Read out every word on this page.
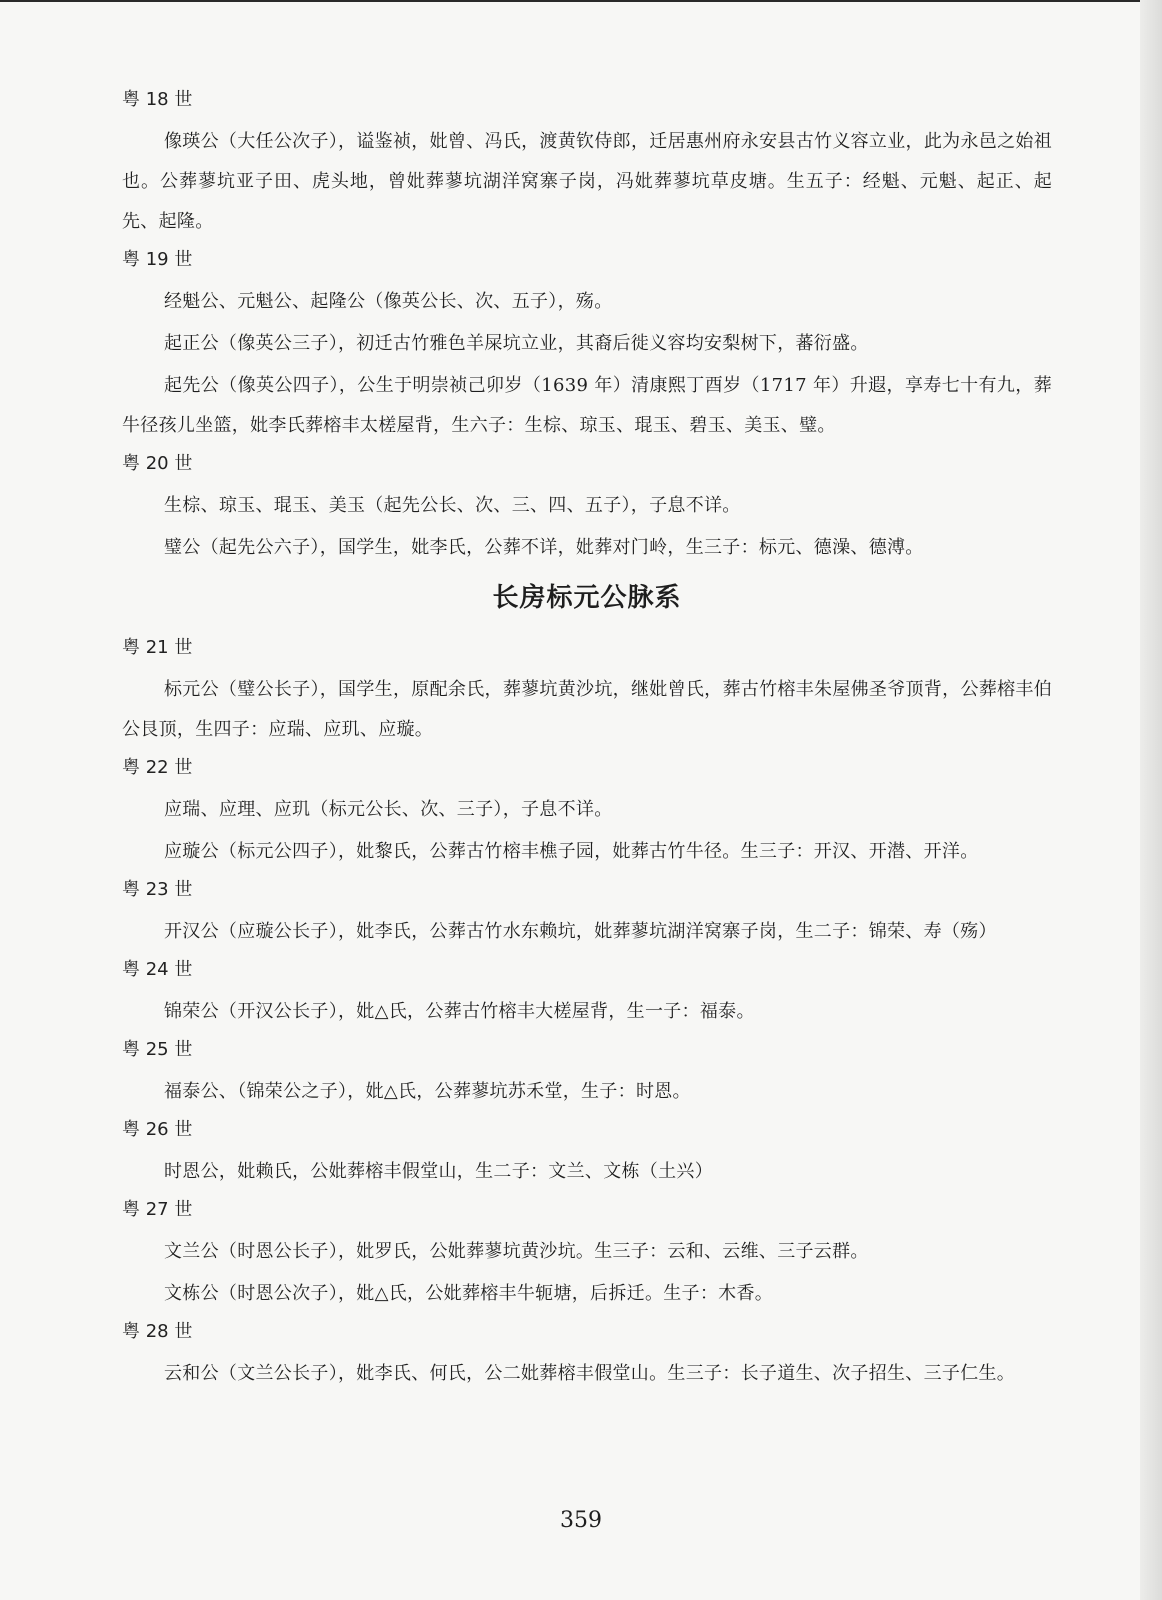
粤 18 世

像瑛公（大任公次子），谥鉴祯，妣曾、冯氏，渡黄钦侍郎，迁居惠州府永安县古竹义容立业，此为永邑之始祖也。公葬蓼坑亚子田、虎头地，曾妣葬蓼坑湖洋窝寨子岗，冯妣葬蓼坑草皮塘。生五子：经魁、元魁、起正、起先、起隆。

粤 19 世

经魁公、元魁公、起隆公（像英公长、次、五子），殇。

起正公（像英公三子），初迁古竹雅色羊屎坑立业，其裔后徙义容均安梨树下，蕃衍盛。

起先公（像英公四子），公生于明崇祯己卯岁（1639 年）清康熙丁酉岁（1717 年）升遐，享寿七十有九，葬牛径孩儿坐篮，妣李氏葬榕丰太槎屋背，生六子：生棕、琼玉、琨玉、碧玉、美玉、璧。

粤 20 世

生棕、琼玉、琨玉、美玉（起先公长、次、三、四、五子），子息不详。

璧公（起先公六子），国学生，妣李氏，公葬不详，妣葬对门岭，生三子：标元、德澡、德溥。

长房标元公脉系

粤 21 世

标元公（璧公长子），国学生，原配余氏，葬蓼坑黄沙坑，继妣曾氏，葬古竹榕丰朱屋佛圣爷顶背，公葬榕丰伯公艮顶，生四子：应瑞、应玑、应璇。

粤 22 世

应瑞、应理、应玑（标元公长、次、三子），子息不详。

应璇公（标元公四子），妣黎氏，公葬古竹榕丰樵子园，妣葬古竹牛径。生三子：开汉、开潜、开洋。

粤 23 世

开汉公（应璇公长子），妣李氏，公葬古竹水东赖坑，妣葬蓼坑湖洋窝寨子岗，生二子：锦荣、寿（殇）

粤 24 世

锦荣公（开汉公长子），妣△氏，公葬古竹榕丰大槎屋背，生一子：福泰。

粤 25 世

福泰公、（锦荣公之子），妣△氏，公葬蓼坑苏禾堂，生子：时恩。

粤 26 世

时恩公，妣赖氏，公妣葬榕丰假堂山，生二子：文兰、文栋（土兴）

粤 27 世

文兰公（时恩公长子），妣罗氏，公妣葬蓼坑黄沙坑。生三子：云和、云维、三子云群。

文栋公（时恩公次子），妣△氏，公妣葬榕丰牛轭塘，后拆迁。生子：木香。

粤 28 世

云和公（文兰公长子），妣李氏、何氏，公二妣葬榕丰假堂山。生三子：长子道生、次子招生、三子仁生。

359
